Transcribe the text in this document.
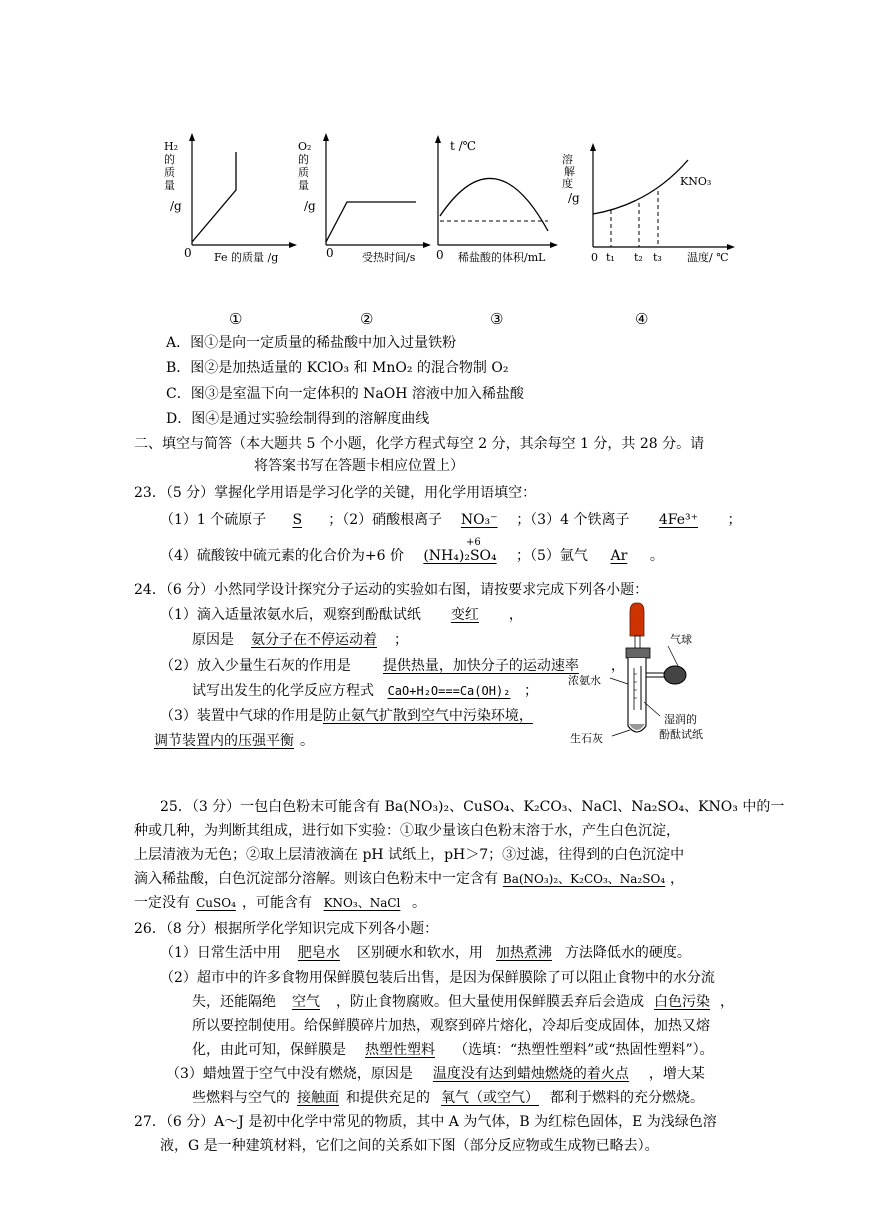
H₂
的
质
量
/g
0 Fe 的质量 /g
O₂
的
质
量
/g
0	受热时间/s
t /℃
0 稀盐酸的体积/mL
溶
解
度
/g
KNO₃
0 t₁ t₂ t₃ 温度/ ℃
①	②	③	④
A．图①是向一定质量的稀盐酸中加入过量铁粉
B．图②是加热适量的 KClO₃ 和 MnO₂ 的混合物制 O₂
C．图③是室温下向一定体积的 NaOH 溶液中加入稀盐酸
D．图④是通过实验绘制得到的溶解度曲线
二、填空与简答（本大题共 5 个小题，化学方程式每空 2 分，其余每空 1 分，共 28 分。请
将答案书写在答题卡相应位置上）
23．（5 分）掌握化学用语是学习化学的关键，用化学用语填空：
（1）1 个硫原子 S ；（2）硝酸根离子 NO₃⁻ ；（3）4 个铁离子 4Fe³⁺ ；
（4）硫酸铵中硫元素的化合价为+6 价
+6
(NH₄)₂SO₄ ；（5）氩气 Ar 。
24．（6 分）小然同学设计探究分子运动的实验如右图，请按要求完成下列各小题：
（1）滴入适量浓氨水后，观察到酚酞试纸 变红 ，
原因是 氨分子在不停运动着 ；
（2）放入少量生石灰的作用是 提供热量，加快分子的运动速率 ，
试写出发生的化学反应方程式 CaO+H₂O===Ca(OH)₂ ；
（3）装置中气球的作用是防止氨气扩散到空气中污染环境，
调节装置内的压强平衡 。
气球
浓氨水
湿润的
酚酞试纸
生石灰
25．（3 分）一包白色粉末可能含有 Ba(NO₃)₂、CuSO₄、K₂CO₃、NaCl、Na₂SO₄、KNO₃ 中的一
种或几种，为判断其组成，进行如下实验：①取少量该白色粉末溶于水，产生白色沉淀，
上层清液为无色；②取上层清液滴在 pH 试纸上，pH＞7；③过滤，往得到的白色沉淀中
滴入稀盐酸，白色沉淀部分溶解。则该白色粉末中一定含有 Ba(NO₃)₂、K₂CO₃、Na₂SO₄ ，
一定没有 CuSO₄ ，可能含有 KNO₃、NaCl 。
26．（8 分）根据所学化学知识完成下列各小题：
（1）日常生活中用 肥皂水 区别硬水和软水，用 加热煮沸 方法降低水的硬度。
（2）超市中的许多食物用保鲜膜包装后出售，是因为保鲜膜除了可以阻止食物中的水分流
失，还能隔绝 空气 ，防止食物腐败。但大量使用保鲜膜丢弃后会造成 白色污染 ，
所以要控制使用。给保鲜膜碎片加热，观察到碎片熔化，冷却后变成固体，加热又熔
化，由此可知，保鲜膜是 热塑性塑料 （选填：“热塑性塑料”或“热固性塑料”）。
（3）蜡烛置于空气中没有燃烧，原因是 温度没有达到蜡烛燃烧的着火点 ，增大某
些燃料与空气的 接触面 和提供充足的 氧气（或空气） 都利于燃料的充分燃烧。
27．（6 分）A～J 是初中化学中常见的物质，其中 A 为气体，B 为红棕色固体，E 为浅绿色溶
液，G 是一种建筑材料，它们之间的关系如下图（部分反应物或生成物已略去）。
